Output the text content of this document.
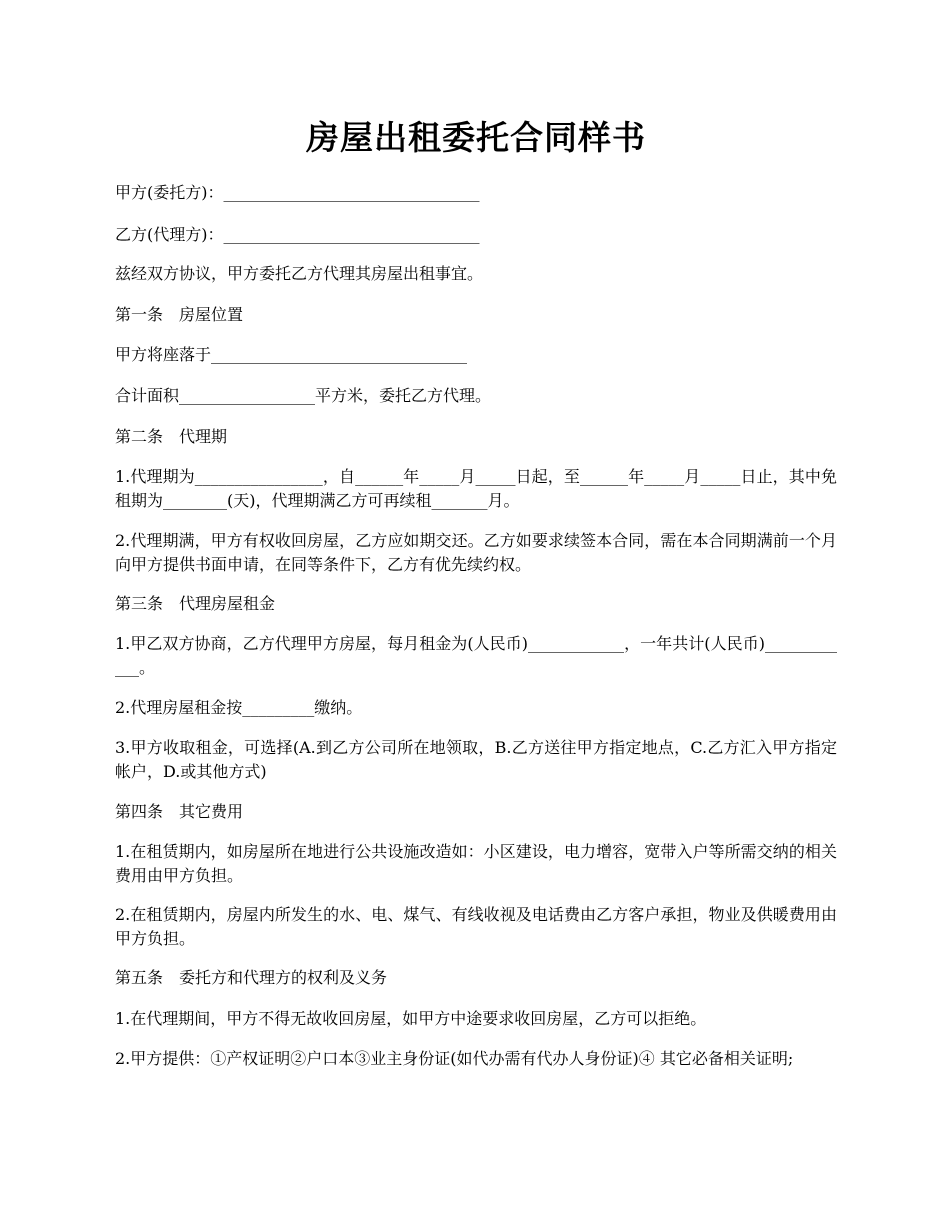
房屋出租委托合同样书

甲方(委托方)：________________________________

乙方(代理方)：________________________________

兹经双方协议，甲方委托乙方代理其房屋出租事宜。

第一条　房屋位置

甲方将座落于________________________________

合计面积_________________平方米，委托乙方代理。

第二条　代理期

1.代理期为________________，自______年_____月_____日起，至______年_____月_____日止，其中免租期为________(天)，代理期满乙方可再续租_______月。

2.代理期满，甲方有权收回房屋，乙方应如期交还。乙方如要求续签本合同，需在本合同期满前一个月向甲方提供书面申请，在同等条件下，乙方有优先续约权。

第三条　代理房屋租金

1.甲乙双方协商，乙方代理甲方房屋，每月租金为(人民币)____________，一年共计(人民币)____________。

2.代理房屋租金按_________缴纳。

3.甲方收取租金，可选择(A.到乙方公司所在地领取，B.乙方送往甲方指定地点，C.乙方汇入甲方指定帐户，D.或其他方式)

第四条　其它费用

1.在租赁期内，如房屋所在地进行公共设施改造如：小区建设，电力增容，宽带入户等所需交纳的相关费用由甲方负担。

2.在租赁期内，房屋内所发生的水、电、煤气、有线收视及电话费由乙方客户承担，物业及供暖费用由甲方负担。

第五条　委托方和代理方的权利及义务

1.在代理期间，甲方不得无故收回房屋，如甲方中途要求收回房屋，乙方可以拒绝。

2.甲方提供：①产权证明②户口本③业主身份证(如代办需有代办人身份证)④ 其它必备相关证明;
